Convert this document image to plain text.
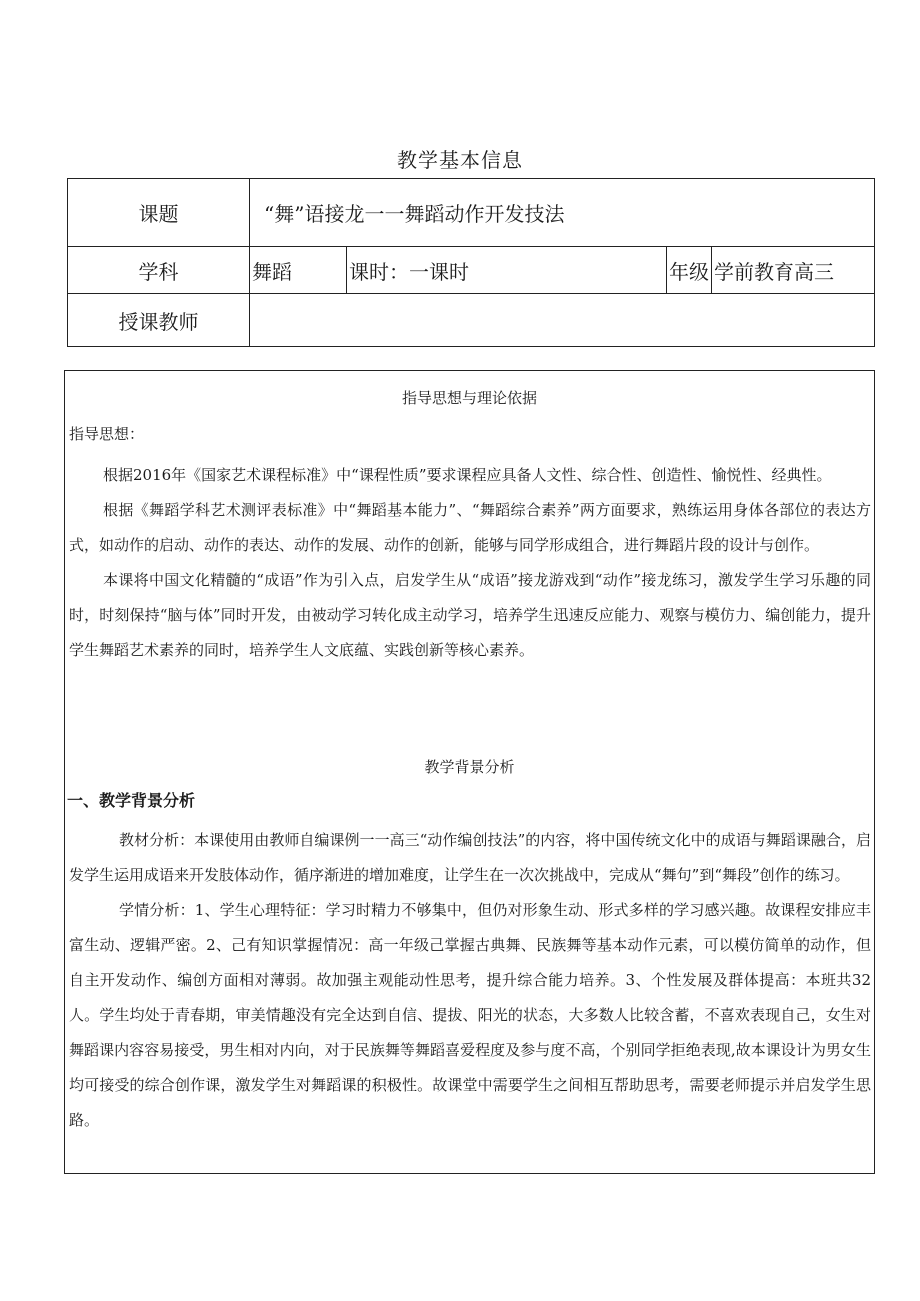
教学基本信息
课题	“舞”语接龙一一舞蹈动作开发技法			
学科	舞蹈	课时：一课时	年级	学前教育高三
授课教师				
指导思想与理论依据
指导思想：

根据2016年《国家艺术课程标准》中“课程性质”要求课程应具备人文性、综合性、创造性、愉悦性、经典性。

根据《舞蹈学科艺术测评表标准》中“舞蹈基本能力”、“舞蹈综合素养”两方面要求，熟练运用身体各部位的表达方式，如动作的启动、动作的表达、动作的发展、动作的创新，能够与同学形成组合，进行舞蹈片段的设计与创作。

本课将中国文化精髓的“成语”作为引入点，启发学生从“成语”接龙游戏到“动作”接龙练习，激发学生学习乐趣的同时，时刻保持“脑与体”同时开发，由被动学习转化成主动学习，培养学生迅速反应能力、观察与模仿力、编创能力，提升学生舞蹈艺术素养的同时，培养学生人文底蕴、实践创新等核心素养。

教学背景分析
一、教学背景分析

教材分析：本课使用由教师自编课例一一高三“动作编创技法”的内容，将中国传统文化中的成语与舞蹈课融合，启发学生运用成语来开发肢体动作，循序渐进的增加难度，让学生在一次次挑战中，完成从“舞句”到“舞段”创作的练习。

学情分析：1、学生心理特征：学习时精力不够集中，但仍对形象生动、形式多样的学习感兴趣。故课程安排应丰富生动、逻辑严密。2、己有知识掌握情况：高一年级己掌握古典舞、民族舞等基本动作元素，可以模仿简单的动作，但自主开发动作、编创方面相对薄弱。故加强主观能动性思考，提升综合能力培养。3、个性发展及群体提高：本班共32人。学生均处于青春期，审美情趣没有完全达到自信、提拔、阳光的状态，大多数人比较含蓄，不喜欢表现自己，女生对舞蹈课内容容易接受，男生相对内向，对于民族舞等舞蹈喜爱程度及参与度不高，个别同学拒绝表现,故本课设计为男女生均可接受的综合创作课，激发学生对舞蹈课的积极性。故课堂中需要学生之间相互帮助思考，需要老师提示并启发学生思路。
